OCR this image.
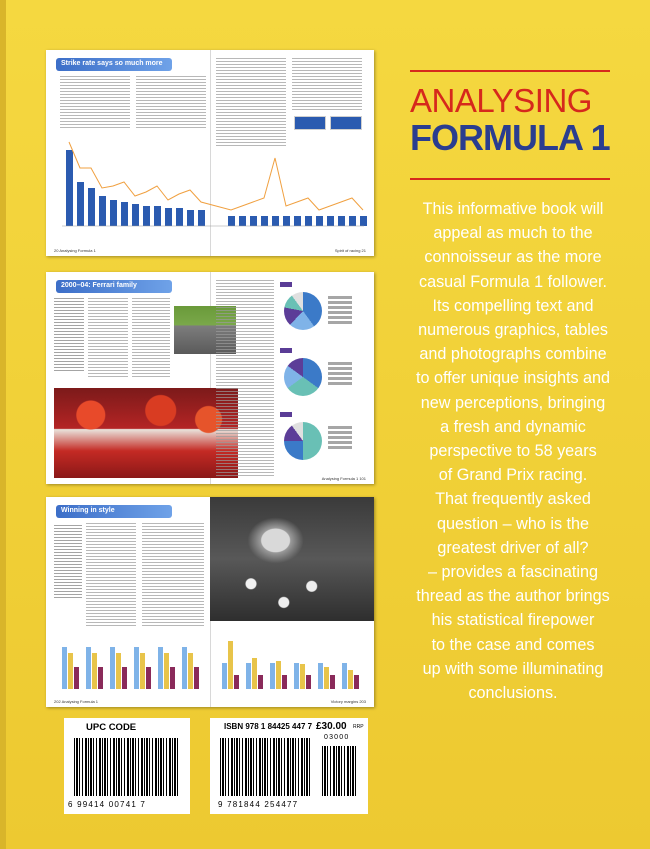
Strike rate says so much more
20 Analysing Formula 1	Spirit of racing 21
2000–04: Ferrari family
Analysing Formula 1 101
Winning in style
202 Analysing Formula 1	Victory margins 203
ANALYSING
FORMULA 1
This informative book will
appeal as much to the
connoisseur as the more
casual Formula 1 follower.
Its compelling text and
numerous graphics, tables
and photographs combine
to offer unique insights and
new perceptions, bringing
a fresh and dynamic
perspective to 58 years
of Grand Prix racing.
That frequently asked
question – who is the
greatest driver of all?
– provides a fascinating
thread as the author brings
his statistical firepower
to the case and comes
up with some illuminating
conclusions.
UPC CODE
6 99414 00741 7
ISBN 978 1 84425 447 7 £30.00 RRP
03000
9 781844 254477
